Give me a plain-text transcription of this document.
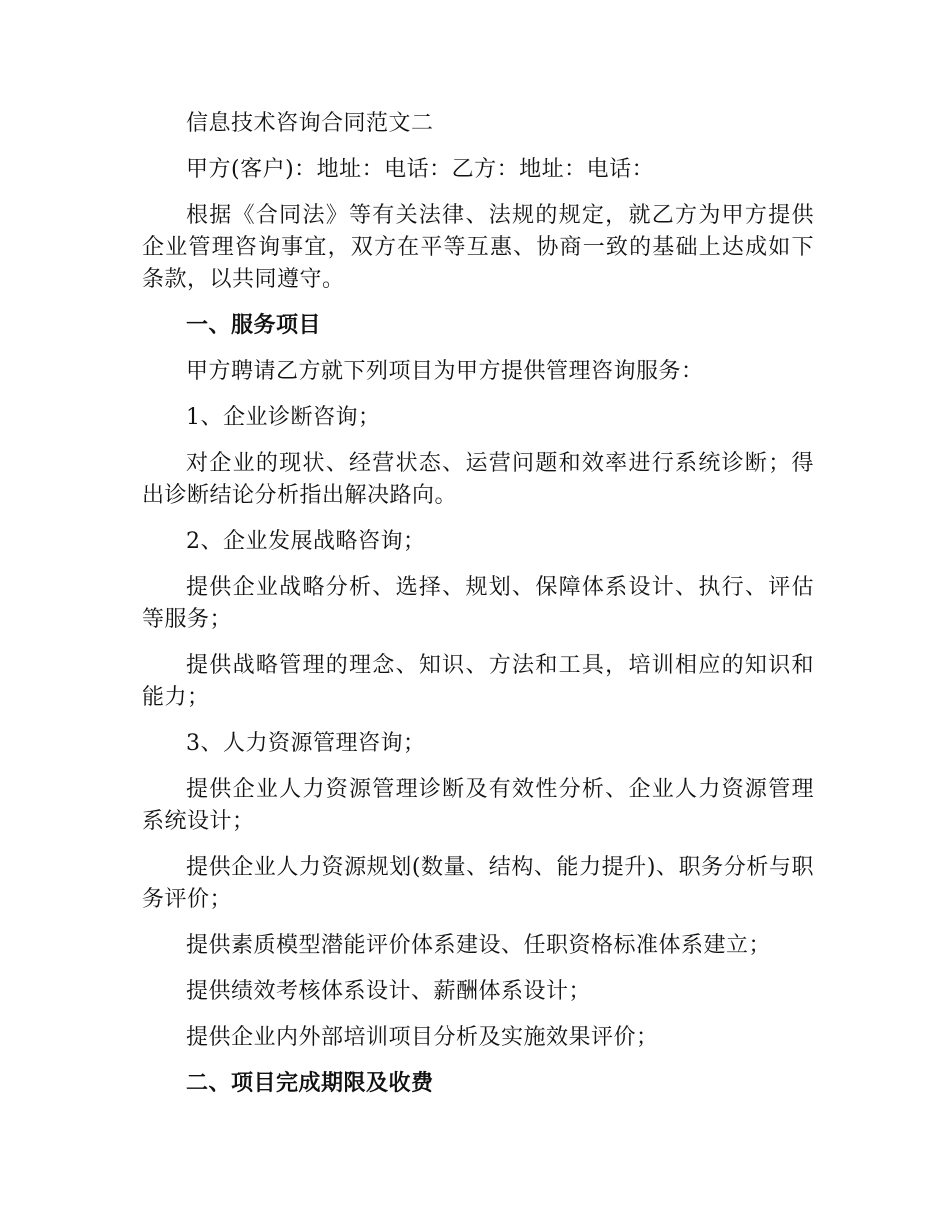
信息技术咨询合同范文二

甲方(客户)：地址：电话：乙方：地址：电话：

根据《合同法》等有关法律、法规的规定，就乙方为甲方提供企业管理咨询事宜，双方在平等互惠、协商一致的基础上达成如下条款，以共同遵守。

一、服务项目

甲方聘请乙方就下列项目为甲方提供管理咨询服务：

1、企业诊断咨询；

对企业的现状、经营状态、运营问题和效率进行系统诊断；得出诊断结论分析指出解决路向。

2、企业发展战略咨询；

提供企业战略分析、选择、规划、保障体系设计、执行、评估等服务；

提供战略管理的理念、知识、方法和工具，培训相应的知识和能力；

3、人力资源管理咨询；

提供企业人力资源管理诊断及有效性分析、企业人力资源管理系统设计；

提供企业人力资源规划(数量、结构、能力提升)、职务分析与职务评价；

提供素质模型潜能评价体系建设、任职资格标准体系建立；

提供绩效考核体系设计、薪酬体系设计；

提供企业内外部培训项目分析及实施效果评价；

二、项目完成期限及收费
